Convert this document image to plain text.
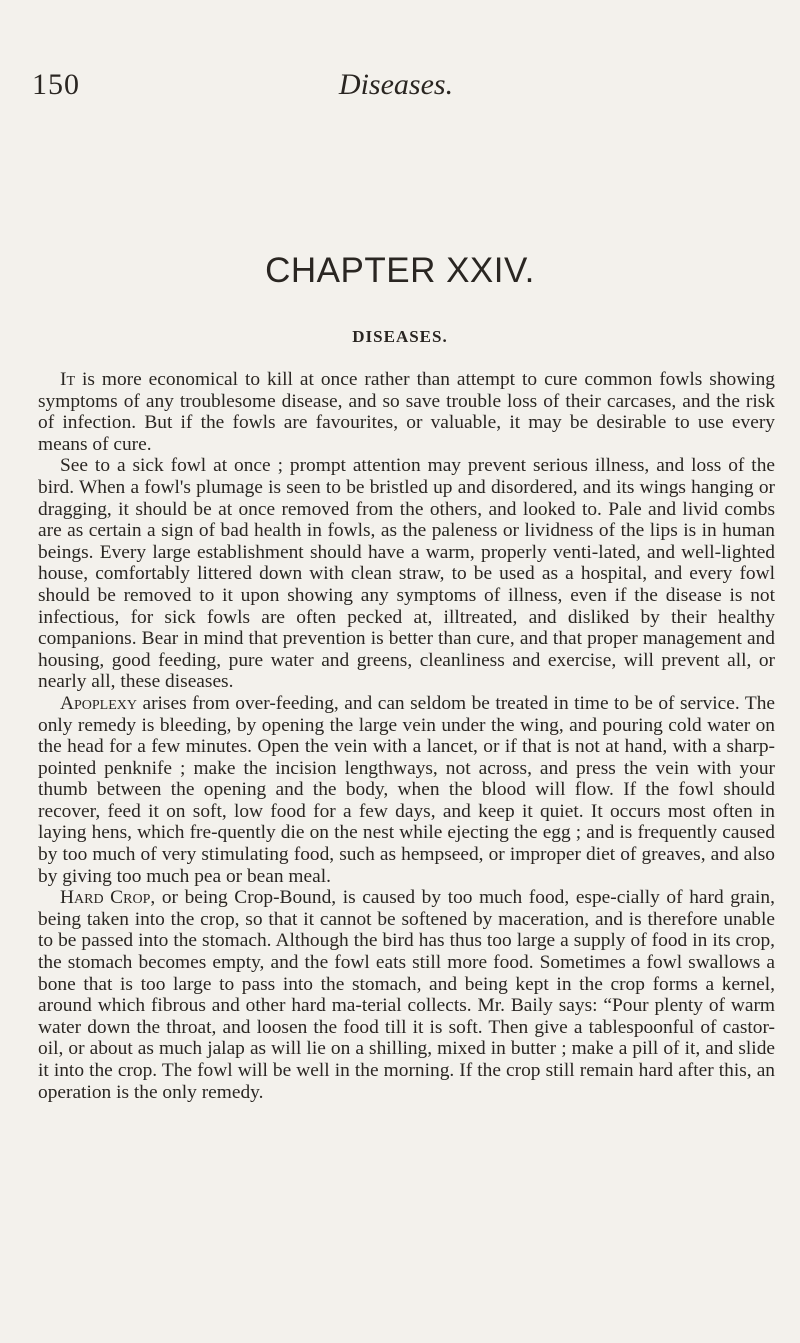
150	Diseases.
CHAPTER XXIV.
DISEASES.

It is more economical to kill at once rather than attempt to cure common fowls showing symptoms of any troublesome disease, and so save trouble loss of their carcases, and the risk of infection. But if the fowls are favourites, or valuable, it may be desirable to use every means of cure.

See to a sick fowl at once ; prompt attention may prevent serious illness, and loss of the bird. When a fowl's plumage is seen to be bristled up and disordered, and its wings hanging or dragging, it should be at once removed from the others, and looked to. Pale and livid combs are as certain a sign of bad health in fowls, as the paleness or lividness of the lips is in human beings. Every large establishment should have a warm, properly venti-lated, and well-lighted house, comfortably littered down with clean straw, to be used as a hospital, and every fowl should be removed to it upon showing any symptoms of illness, even if the disease is not infectious, for sick fowls are often pecked at, illtreated, and disliked by their healthy companions. Bear in mind that prevention is better than cure, and that proper management and housing, good feeding, pure water and greens, cleanliness and exercise, will prevent all, or nearly all, these diseases.

Apoplexy arises from over-feeding, and can seldom be treated in time to be of service. The only remedy is bleeding, by opening the large vein under the wing, and pouring cold water on the head for a few minutes. Open the vein with a lancet, or if that is not at hand, with a sharp-pointed penknife ; make the incision lengthways, not across, and press the vein with your thumb between the opening and the body, when the blood will flow. If the fowl should recover, feed it on soft, low food for a few days, and keep it quiet. It occurs most often in laying hens, which fre-quently die on the nest while ejecting the egg ; and is frequently caused by too much of very stimulating food, such as hempseed, or improper diet of greaves, and also by giving too much pea or bean meal.

Hard Crop, or being Crop-Bound, is caused by too much food, espe-cially of hard grain, being taken into the crop, so that it cannot be softened by maceration, and is therefore unable to be passed into the stomach. Although the bird has thus too large a supply of food in its crop, the stomach becomes empty, and the fowl eats still more food. Sometimes a fowl swallows a bone that is too large to pass into the stomach, and being kept in the crop forms a kernel, around which fibrous and other hard ma-terial collects. Mr. Baily says: “Pour plenty of warm water down the throat, and loosen the food till it is soft. Then give a tablespoonful of castor-oil, or about as much jalap as will lie on a shilling, mixed in butter ; make a pill of it, and slide it into the crop. The fowl will be well in the morning. If the crop still remain hard after this, an operation is the only remedy.
